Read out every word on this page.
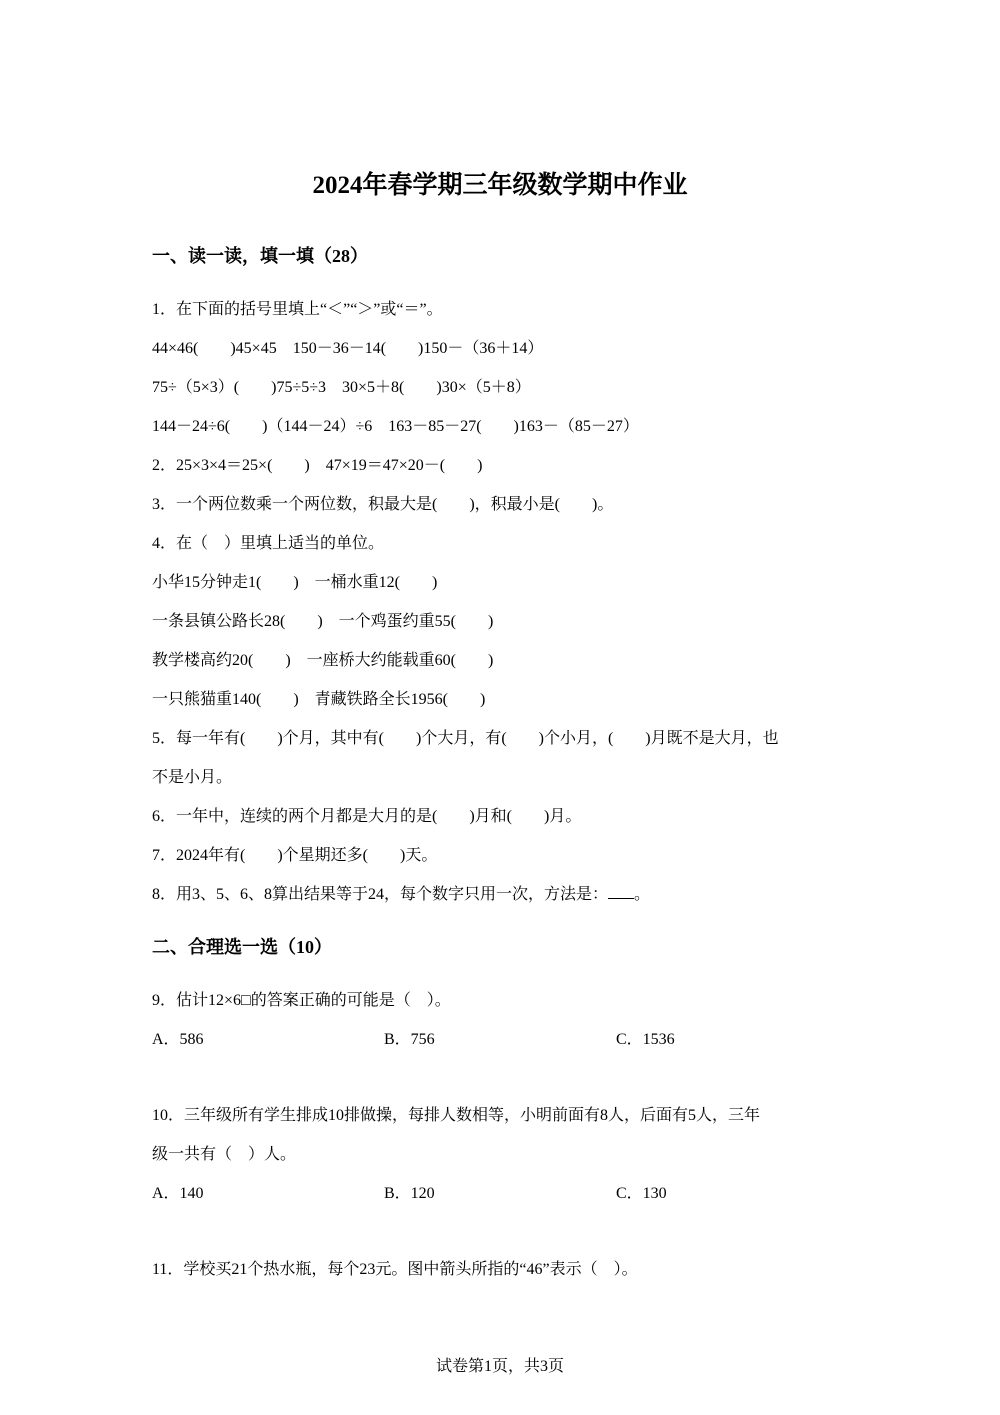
2024年春学期三年级数学期中作业
一、读一读，填一填（28）
1．在下面的括号里填上“＜”“＞”或“＝”。
44×46(　　)45×45　150－36－14(　　)150－（36＋14）
75÷（5×3）(　　)75÷5÷3　30×5＋8(　　)30×（5＋8）
144－24÷6(　　)（144－24）÷6　163－85－27(　　)163－（85－27）
2．25×3×4＝25×(　　)　47×19＝47×20－(　　)
3．一个两位数乘一个两位数，积最大是(　　)，积最小是(　　)。
4．在（　）里填上适当的单位。
小华15分钟走1(　　)　一桶水重12(　　)
一条县镇公路长28(　　)　一个鸡蛋约重55(　　)
教学楼高约20(　　)　一座桥大约能载重60(　　)
一只熊猫重140(　　)　青藏铁路全长1956(　　)
5．每一年有(　　)个月，其中有(　　)个大月，有(　　)个小月，(　　)月既不是大月，也
不是小月。
6．一年中，连续的两个月都是大月的是(　　)月和(　　)月。
7．2024年有(　　)个星期还多(　　)天。
8．用3、5、6、8算出结果等于24，每个数字只用一次，方法是： 。
二、合理选一选（10）
9．估计12×6□的答案正确的可能是（　）。
A．586	B．756	C．1536
10．三年级所有学生排成10排做操，每排人数相等，小明前面有8人，后面有5人，三年
级一共有（　）人。
A．140	B．120	C．130
11．学校买21个热水瓶，每个23元。图中箭头所指的“46”表示（　）。
试卷第1页，共3页
